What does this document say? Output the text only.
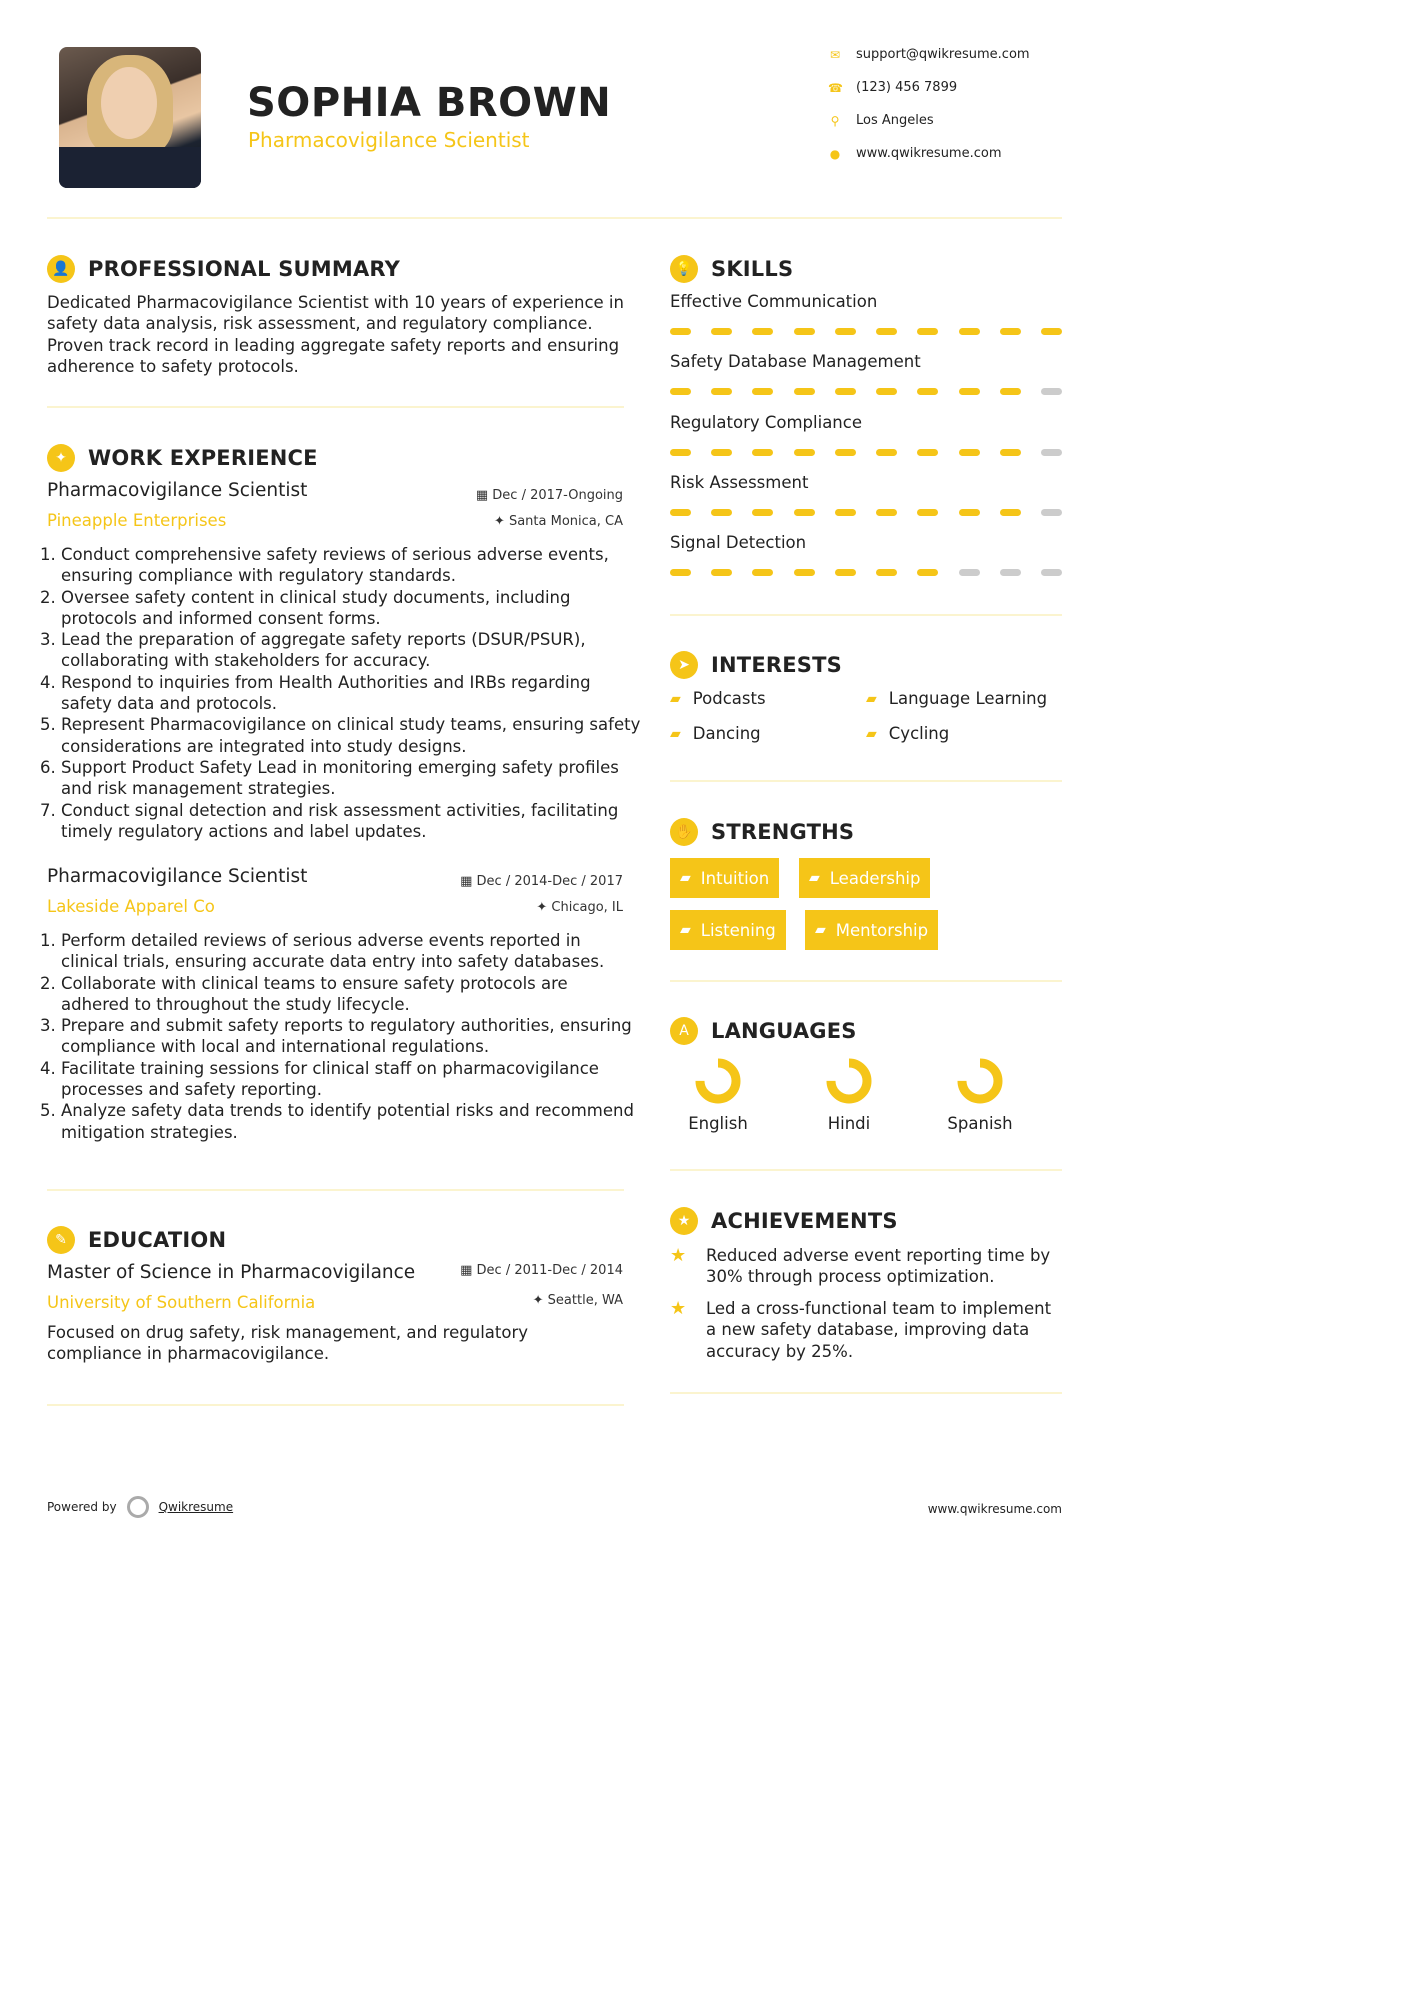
SOPHIA BROWN
Pharmacovigilance Scientist
✉ support@qwikresume.com
☎ (123) 456 7899
⚲ Los Angeles
● www.qwikresume.com
👤 PROFESSIONAL SUMMARY
Dedicated Pharmacovigilance Scientist with 10 years of experience in safety data analysis, risk assessment, and regulatory compliance. Proven track record in leading aggregate safety reports and ensuring adherence to safety protocols.
✦	WORK EXPERIENCE
Pharmacovigilance Scientist
Pineapple Enterprises
▦ Dec / 2017-Ongoing
✦ Santa Monica, CA
1. Conduct comprehensive safety reviews of serious adverse events, ensuring compliance with regulatory standards.
2. Oversee safety content in clinical study documents, including protocols and informed consent forms.
3. Lead the preparation of aggregate safety reports (DSUR/PSUR), collaborating with stakeholders for accuracy.
4. Respond to inquiries from Health Authorities and IRBs regarding safety data and protocols.
5. Represent Pharmacovigilance on clinical study teams, ensuring safety considerations are integrated into study designs.
6. Support Product Safety Lead in monitoring emerging safety profiles and risk management strategies.
7. Conduct signal detection and risk assessment activities, facilitating timely regulatory actions and label updates.
Pharmacovigilance Scientist
Lakeside Apparel Co
▦ Dec / 2014-Dec / 2017
✦ Chicago, IL
1. Perform detailed reviews of serious adverse events reported in clinical trials, ensuring accurate data entry into safety databases.
2. Collaborate with clinical teams to ensure safety protocols are adhered to throughout the study lifecycle.
3. Prepare and submit safety reports to regulatory authorities, ensuring compliance with local and international regulations.
4. Facilitate training sessions for clinical staff on pharmacovigilance processes and safety reporting.
5. Analyze safety data trends to identify potential risks and recommend mitigation strategies.
✎	EDUCATION
Master of Science in Pharmacovigilance
University of Southern California
▦ Dec / 2011-Dec / 2014
✦ Seattle, WA
Focused on drug safety, risk management, and regulatory compliance in pharmacovigilance.
💡 SKILLS
Effective Communication
Safety Database Management
Regulatory Compliance
Risk Assessment
Signal Detection
➤	INTERESTS
▰ Podcasts	▰ Language Learning
▰ Dancing	▰ Cycling
✋ STRENGTHS
▰ Intuition	▰ Leadership
▰ Listening	▰ Mentorship
A	LANGUAGES
English	Hindi	Spanish
★ ACHIEVEMENTS
★	Reduced adverse event reporting time by 30% through process optimization.
★	Led a cross-functional team to implement a new safety database, improving data accuracy by 25%.
Powered by	Qwikresume	www.qwikresume.com
